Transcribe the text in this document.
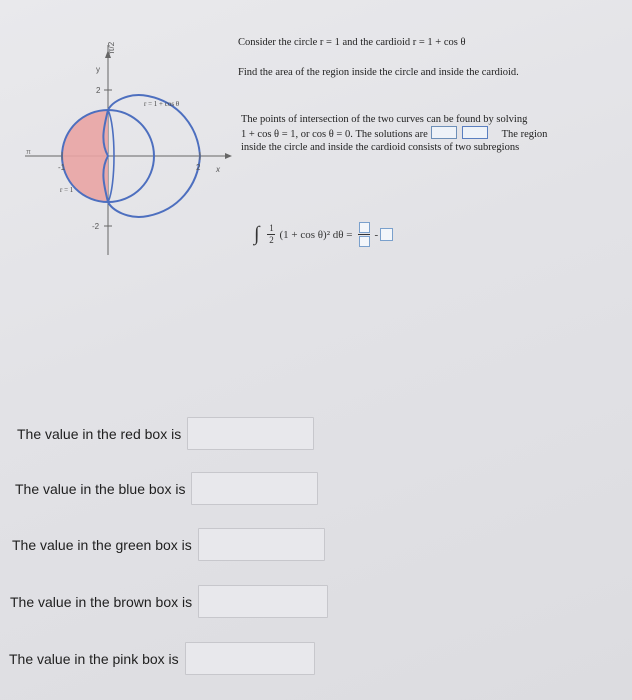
π/2
y
x
2
-2
-1	2
π
r = 1 + cos θ
r = 1

Consider the circle r = 1 and the cardioid r = 1 + cos θ

Find the area of the region inside the circle and inside the cardioid.

The points of intersection of the two curves can be found by solving
1 + cos θ = 1, or cos θ = 0. The solutions are	The region
inside the circle and inside the cardioid consists of two subregions
∫ $\frac{1}{2} (1 + \cos \theta)^2$ dθ = -
The value in the red box is
The value in the blue box is
The value in the green box is
The value in the brown box is
The value in the pink box is
